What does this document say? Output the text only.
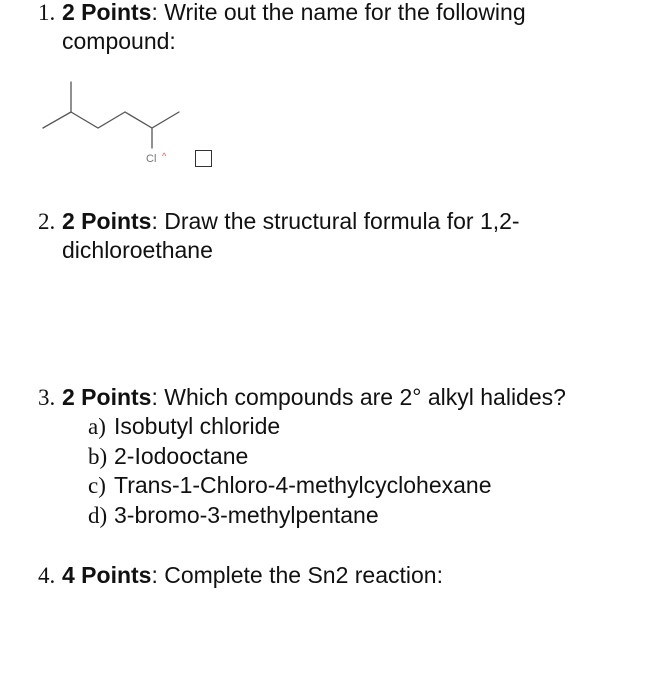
1. 2 Points: Write out the name for the following
compound:
Cl ^
2. 2 Points: Draw the structural formula for 1,2-
dichloroethane
3. 2 Points: Which compounds are 2° alkyl halides?
a) Isobutyl chloride
b) 2-Iodooctane
c) Trans-1-Chloro-4-methylcyclohexane
d) 3-bromo-3-methylpentane
4. 4 Points: Complete the Sn2 reaction:
